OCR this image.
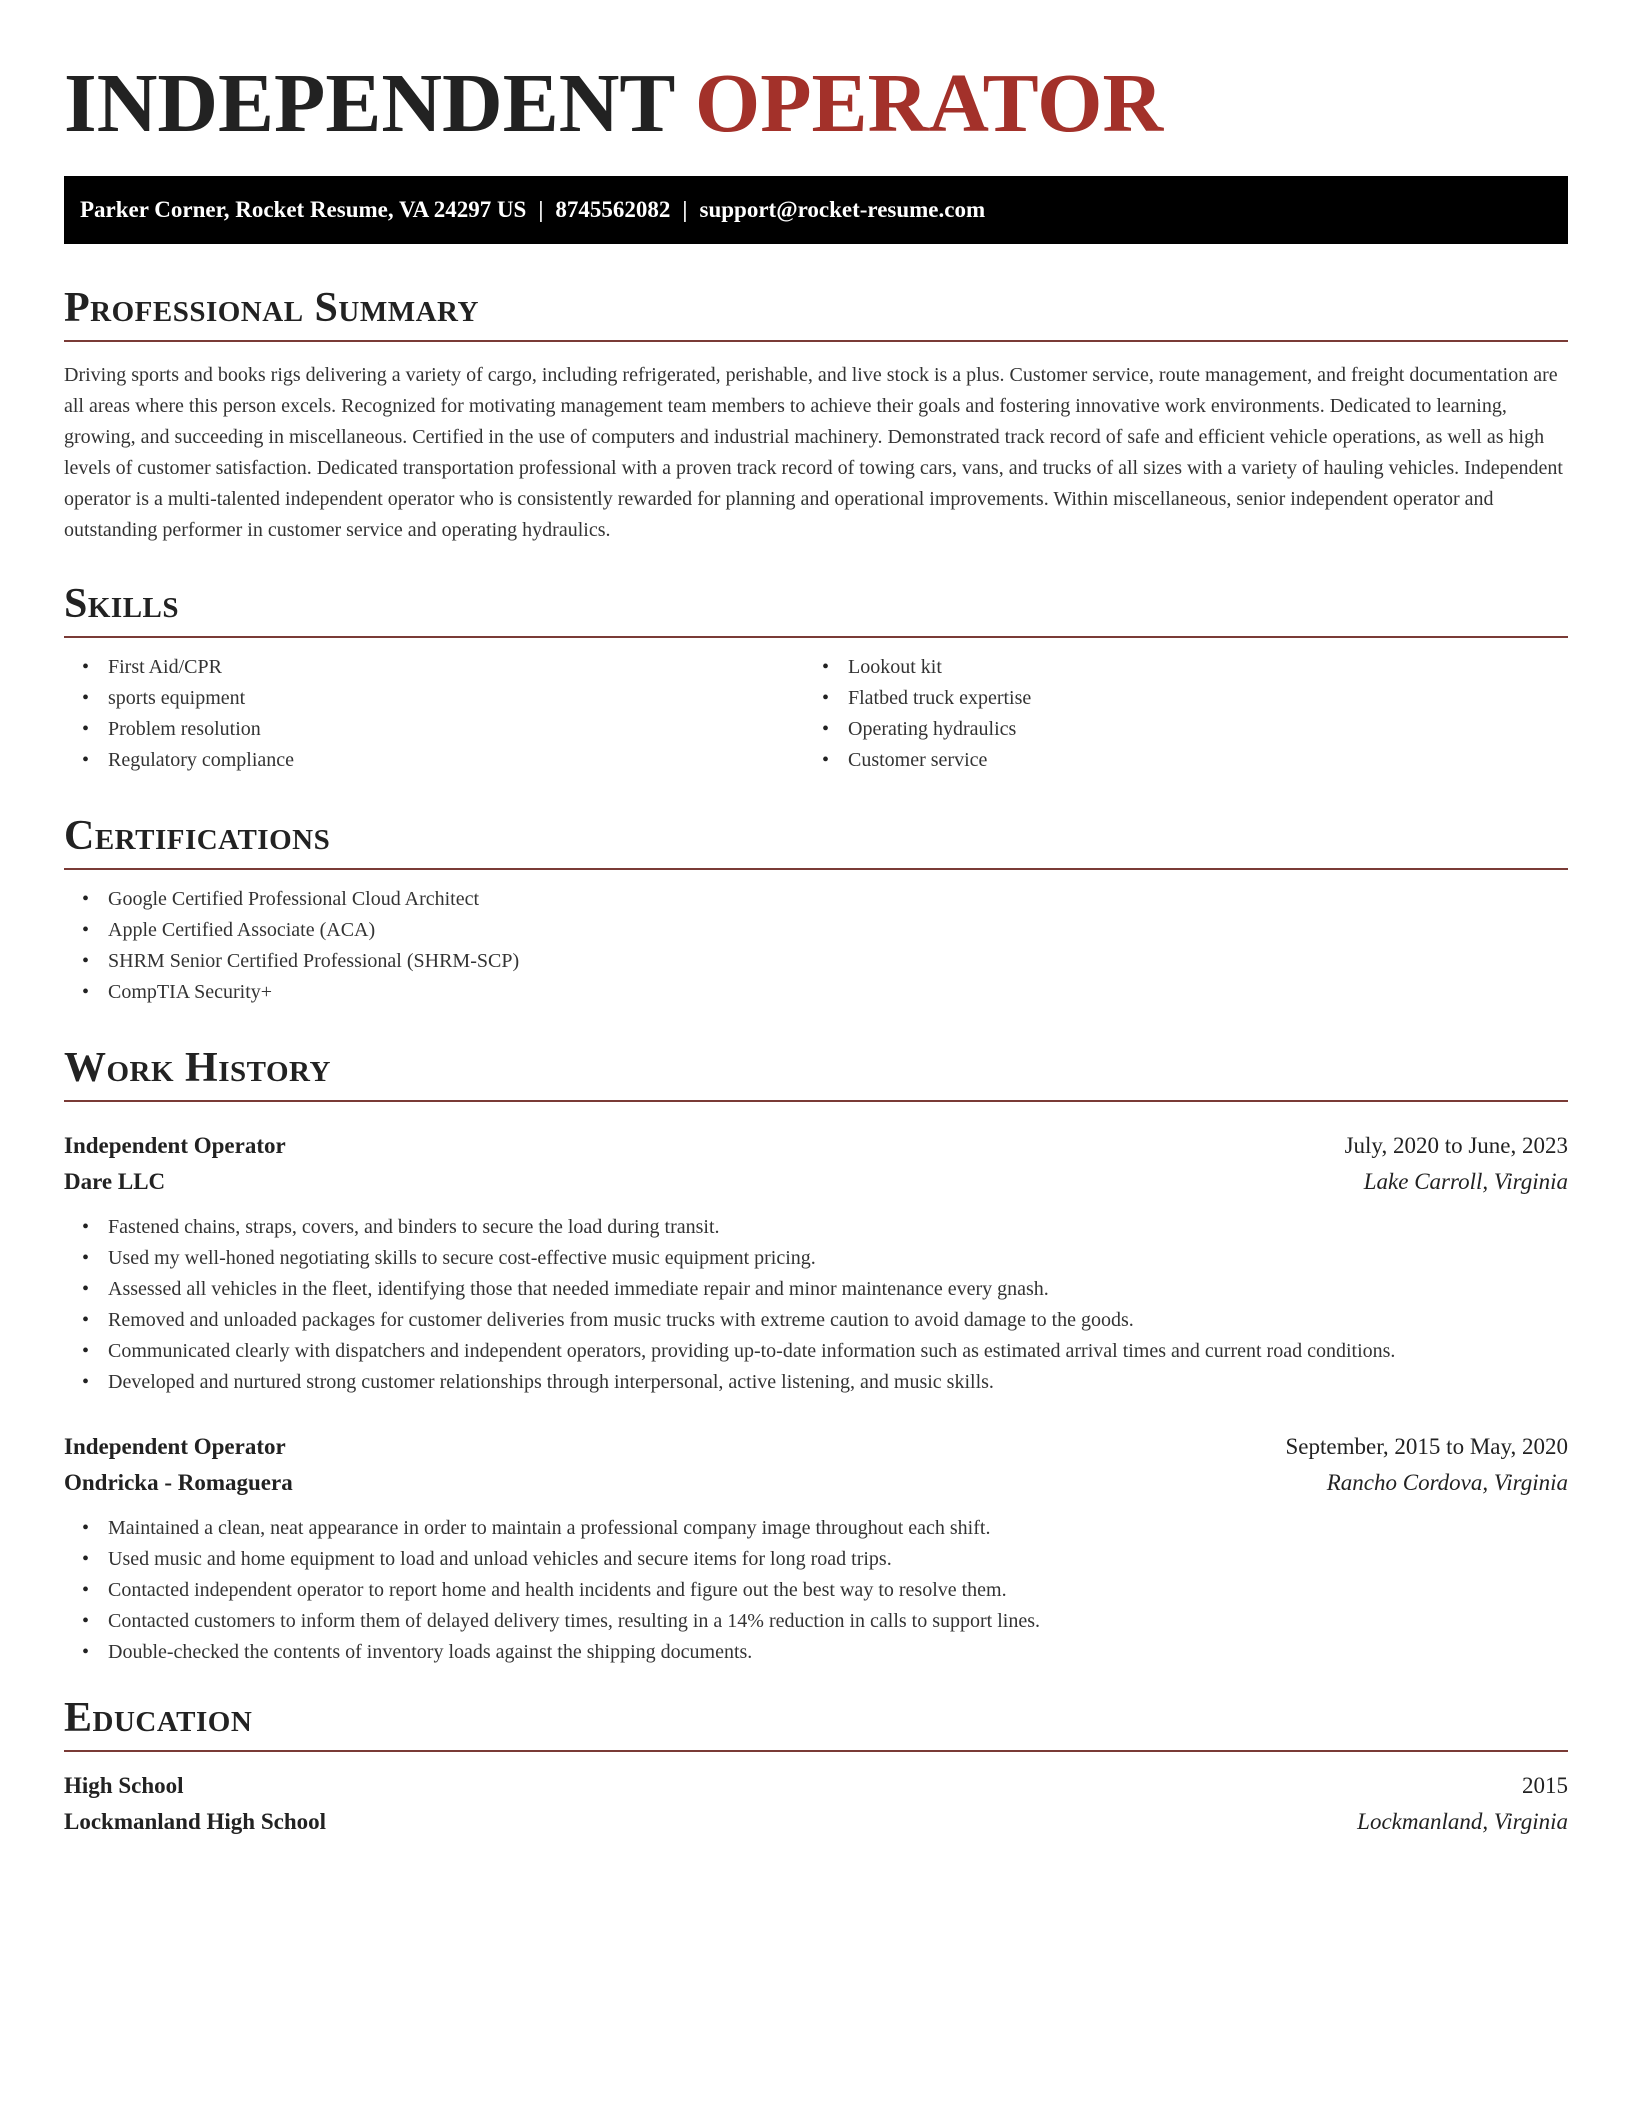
INDEPENDENT OPERATOR
Parker Corner, Rocket Resume, VA 24297 US | 8745562082 | support@rocket-resume.com
Professional Summary

Driving sports and books rigs delivering a variety of cargo, including refrigerated, perishable, and live stock is a plus. Customer service, route management, and freight documentation are all areas where this person excels. Recognized for motivating management team members to achieve their goals and fostering innovative work environments. Dedicated to learning, growing, and succeeding in miscellaneous. Certified in the use of computers and industrial machinery. Demonstrated track record of safe and efficient vehicle operations, as well as high levels of customer satisfaction. Dedicated transportation professional with a proven track record of towing cars, vans, and trucks of all sizes with a variety of hauling vehicles. Independent operator is a multi-talented independent operator who is consistently rewarded for planning and operational improvements. Within miscellaneous, senior independent operator and outstanding performer in customer service and operating hydraulics.

Skills
• First Aid/CPR
• sports equipment
• Problem resolution
• Regulatory compliance
• Lookout kit
• Flatbed truck expertise
• Operating hydraulics
• Customer service
Certifications
• Google Certified Professional Cloud Architect
• Apple Certified Associate (ACA)
• SHRM Senior Certified Professional (SHRM-SCP)
• CompTIA Security+
Work History
Independent Operator	July, 2020 to June, 2023
Dare LLC	Lake Carroll, Virginia
• Fastened chains, straps, covers, and binders to secure the load during transit.
• Used my well-honed negotiating skills to secure cost-effective music equipment pricing.
• Assessed all vehicles in the fleet, identifying those that needed immediate repair and minor maintenance every gnash.
• Removed and unloaded packages for customer deliveries from music trucks with extreme caution to avoid damage to the goods.
• Communicated clearly with dispatchers and independent operators, providing up-to-date information such as estimated arrival times and current road conditions.
• Developed and nurtured strong customer relationships through interpersonal, active listening, and music skills.
Independent Operator	September, 2015 to May, 2020
Ondricka - Romaguera	Rancho Cordova, Virginia
• Maintained a clean, neat appearance in order to maintain a professional company image throughout each shift.
• Used music and home equipment to load and unload vehicles and secure items for long road trips.
• Contacted independent operator to report home and health incidents and figure out the best way to resolve them.
• Contacted customers to inform them of delayed delivery times, resulting in a 14% reduction in calls to support lines.
• Double-checked the contents of inventory loads against the shipping documents.
Education
High School	2015
Lockmanland High School	Lockmanland, Virginia
